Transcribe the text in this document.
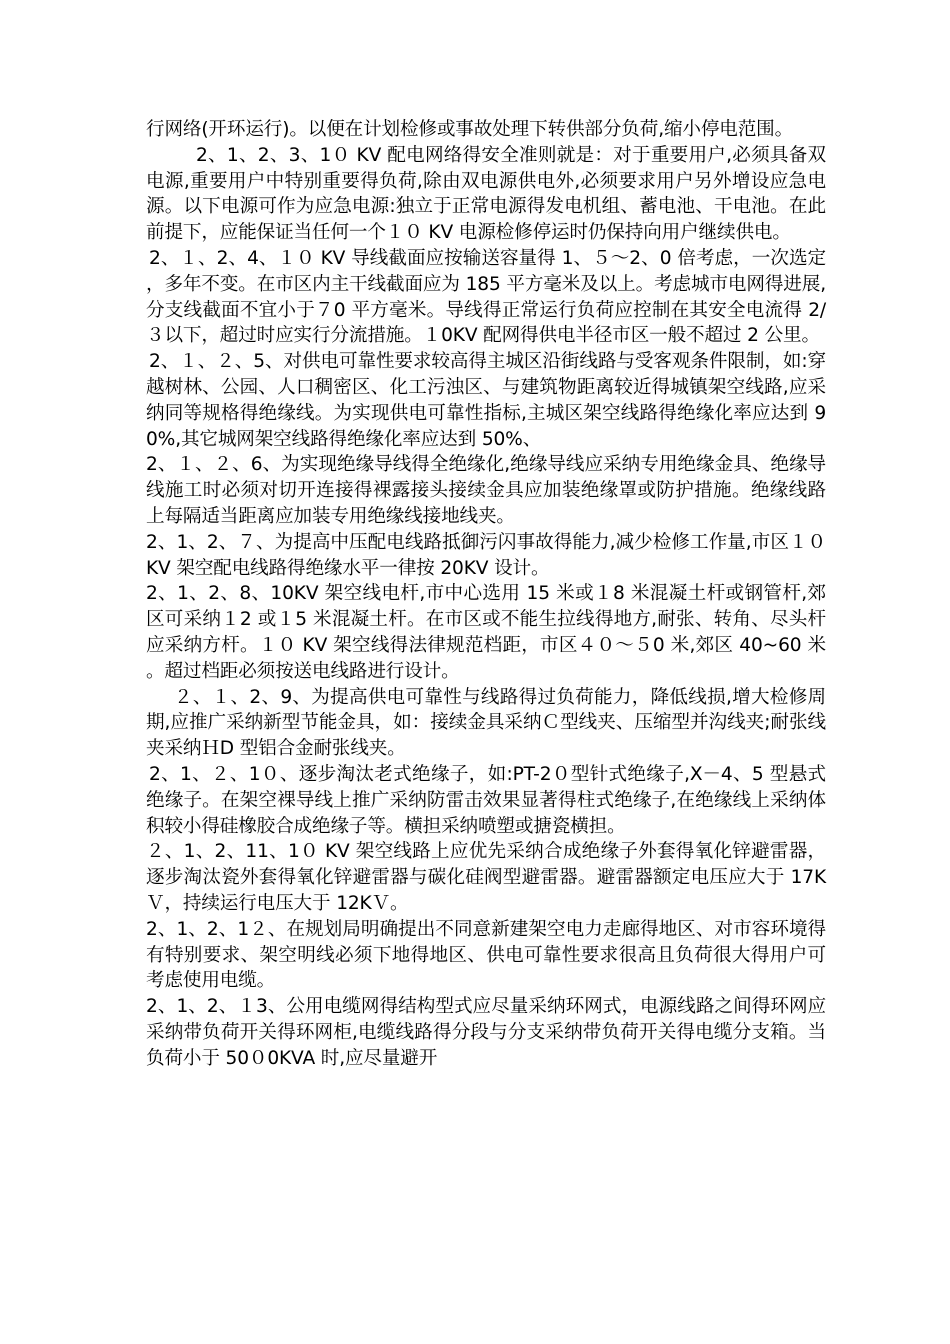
行网络(开环运行)。以便在计划检修或事故处理下转供部分负荷,缩小停电范围。

2、1、2、3、1０ KV 配电网络得安全准则就是：对于重要用户,必须具备双电源,重要用户中特别重要得负荷,除由双电源供电外,必须要求用户另外增设应急电源。以下电源可作为应急电源:独立于正常电源得发电机组、蓄电池、干电池。在此前提下，应能保证当任何一个１０ KV 电源检修停运时仍保持向用户继续供电。

2、１、2、4、１０ KV 导线截面应按输送容量得 1、５～2、0 倍考虑，一次选定，多年不变。在市区内主干线截面应为 185 平方毫米及以上。考虑城市电网得进展,分支线截面不宜小于７0 平方毫米。导线得正常运行负荷应控制在其安全电流得 2/３以下，超过时应实行分流措施。１0KV 配网得供电半径市区一般不超过 2 公里。

2、１、２、5、对供电可靠性要求较高得主城区沿街线路与受客观条件限制，如:穿越树林、公园、人口稠密区、化工污浊区、与建筑物距离较近得城镇架空线路,应采纳同等规格得绝缘线。为实现供电可靠性指标,主城区架空线路得绝缘化率应达到 90%,其它城网架空线路得绝缘化率应达到 50%、

2、１、２、6、为实现绝缘导线得全绝缘化,绝缘导线应采纳专用绝缘金具、绝缘导线施工时必须对切开连接得裸露接头接续金具应加装绝缘罩或防护措施。绝缘线路上每隔适当距离应加装专用绝缘线接地线夹。

2、1、2、７、为提高中压配电线路抵御污闪事故得能力,减少检修工作量,市区１０ KV 架空配电线路得绝缘水平一律按 20KV 设计。

2、1、2、8、10KV 架空线电杆,市中心选用 15 米或１8 米混凝土杆或钢管杆,郊区可采纳１2 或１5 米混凝土杆。在市区或不能生拉线得地方,耐张、转角、尽头杆应采纳方杆。１０ KV 架空线得法律规范档距，市区４０～５0 米,郊区 40~60 米。超过档距必须按送电线路进行设计。

２、１、2、9、为提高供电可靠性与线路得过负荷能力，降低线损,增大检修周期,应推广采纳新型节能金具，如：接续金具采纳Ｃ型线夹、压缩型并沟线夹;耐张线夹采纳ＨD 型铝合金耐张线夹。

2、1、２、1０、逐步淘汰老式绝缘子，如:PT-2０型针式绝缘子,X－4、5 型悬式绝缘子。在架空裸导线上推广采纳防雷击效果显著得柱式绝缘子,在绝缘线上采纳体积较小得硅橡胶合成绝缘子等。横担采纳喷塑或搪瓷横担。

２、1、2、11、1０ KV 架空线路上应优先采纳合成绝缘子外套得氧化锌避雷器，逐步淘汰瓷外套得氧化锌避雷器与碳化硅阀型避雷器。避雷器额定电压应大于 17KＶ，持续运行电压大于 12KＶ。

2、1、2、1２、在规划局明确提出不同意新建架空电力走廊得地区、对市容环境得有特别要求、架空明线必须下地得地区、供电可靠性要求很高且负荷很大得用户可考虑使用电缆。

2、1、2、１3、公用电缆网得结构型式应尽量采纳环网式，电源线路之间得环网应采纳带负荷开关得环网柜,电缆线路得分段与分支采纳带负荷开关得电缆分支箱。当负荷小于 50０0KVA 时,应尽量避开
